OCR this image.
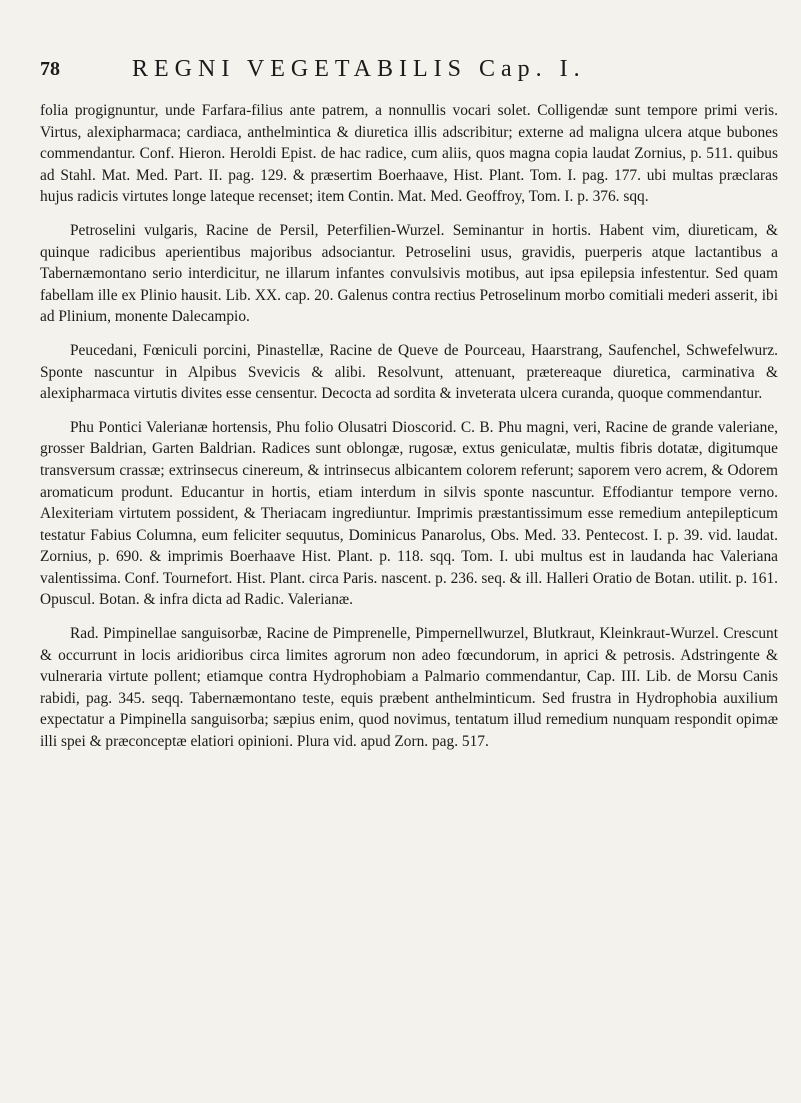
78	REGNI VEGETABILIS Cap. I.

folia progignuntur, unde Farfara-filius ante patrem, a nonnullis vocari solet. Colligendæ sunt tempore primi veris. Virtus, alexipharmaca; cardiaca, anthelmintica & diuretica illis adscribitur; externe ad maligna ulcera atque bubones commendantur. Conf. Hieron. Heroldi Epist. de hac radice, cum aliis, quos magna copia laudat Zornius, p. 511. quibus ad Stahl. Mat. Med. Part. II. pag. 129. & præsertim Boerhaave, Hist. Plant. Tom. I. pag. 177. ubi multas præclaras hujus radicis virtutes longe lateque recenset; item Contin. Mat. Med. Geoffroy, Tom. I. p. 376. sqq.

Petroselini vulgaris, Racine de Persil, Peterfilien-Wurzel. Seminantur in hortis. Habent vim, diureticam, & quinque radicibus aperientibus majoribus adsociantur. Petroselini usus, gravidis, puerperis atque lactantibus a Tabernæmontano serio interdicitur, ne illarum infantes convulsivis motibus, aut ipsa epilepsia infestentur. Sed quam fabellam ille ex Plinio hausit. Lib. XX. cap. 20. Galenus contra rectius Petroselinum morbo comitiali mederi asserit, ibi ad Plinium, monente Dalecampio.

Peucedani, Fœniculi porcini, Pinastellæ, Racine de Queve de Pourceau, Haarstrang, Saufenchel, Schwefelwurz. Sponte nascuntur in Alpibus Svevicis & alibi. Resolvunt, attenuant, prætereaque diuretica, carminativa & alexipharmaca virtutis divites esse censentur. Decocta ad sordita & inveterata ulcera curanda, quoque commendantur.

Phu Pontici Valerianæ hortensis, Phu folio Olusatri Dioscorid. C. B. Phu magni, veri, Racine de grande valeriane, grosser Baldrian, Garten Baldrian. Radices sunt oblongæ, rugosæ, extus geniculatæ, multis fibris dotatæ, digitumque transversum crassæ; extrinsecus cinereum, & intrinsecus albicantem colorem referunt; saporem vero acrem, & Odorem aromaticum produnt. Educantur in hortis, etiam interdum in silvis sponte nascuntur. Effodiantur tempore verno. Alexiteriam virtutem possident, & Theriacam ingrediuntur. Imprimis præstantissimum esse remedium antepilepticum testatur Fabius Columna, eum feliciter sequutus, Dominicus Panarolus, Obs. Med. 33. Pentecost. I. p. 39. vid. laudat. Zornius, p. 690. & imprimis Boerhaave Hist. Plant. p. 118. sqq. Tom. I. ubi multus est in laudanda hac Valeriana valentissima. Conf. Tournefort. Hist. Plant. circa Paris. nascent. p. 236. seq. & ill. Halleri Oratio de Botan. utilit. p. 161. Opuscul. Botan. & infra dicta ad Radic. Valerianæ.

Rad. Pimpinellae sanguisorbæ, Racine de Pimprenelle, Pimpernellwurzel, Blutkraut, Kleinkraut-Wurzel. Crescunt & occurrunt in locis aridioribus circa limites agrorum non adeo fœcundorum, in aprici & petrosis. Adstringente & vulneraria virtute pollent; etiamque contra Hydrophobiam a Palmario commendantur, Cap. III. Lib. de Morsu Canis rabidi, pag. 345. seqq. Tabernæmontano teste, equis præbent anthelminticum. Sed frustra in Hydrophobia auxilium expectatur a Pimpinella sanguisorba; sæpius enim, quod novimus, tentatum illud remedium nunquam respondit opimæ illi spei & præconceptæ elatiori opinioni. Plura vid. apud Zorn. pag. 517.
